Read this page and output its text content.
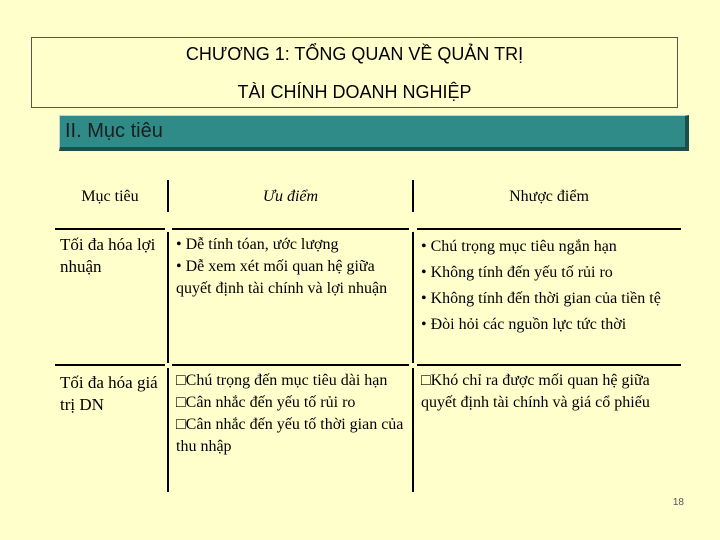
CHƯƠNG 1: TỔNG QUAN VỀ QUẢN TRỊ
TÀI CHÍNH DOANH NGHIỆP
II. Mục tiêu
Mục tiêu	Ưu điểm	Nhược điểm
Tối đa hóa lợi nhuận
• Dễ tính tóan, ước lượng
• Dễ xem xét mối quan hệ giữa quyết định tài chính và lợi nhuận
• Chú trọng mục tiêu ngắn hạn
• Không tính đến yếu tố rủi ro
• Không tính đến thời gian của tiền tệ
• Đòi hỏi các nguồn lực tức thời
Tối đa hóa giá trị DN
□Chú trọng đến mục tiêu dài hạn
□Cân nhắc đến yếu tố rủi ro
□Cân nhắc đến yếu tố thời gian của thu nhập
□Khó chỉ ra được mối quan hệ giữa quyết định tài chính và giá cổ phiếu
18
